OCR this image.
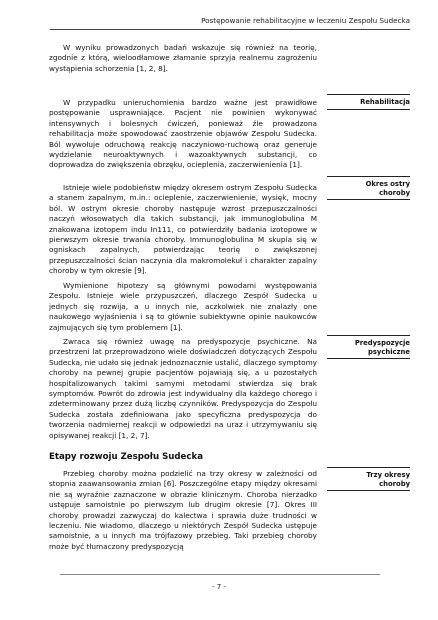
Postępowanie rehabilitacyjne w leczeniu Zespołu Sudecka

W wyniku prowadzonych badań wskazuje się również na teorię, zgodnie z którą, wieloodłamowe złamanie sprzyja realnemu zagrożeniu wystąpienia schorzenia [1, 2, 8].

W przypadku unieruchomienia bardzo ważne jest prawidłowe postępowanie usprawniające. Pacjent nie powinien wykonywać intensywnych i bolesnych ćwiczeń, ponieważ źle prowadzona rehabilitacja może spowodować zaostrzenie objawów Zespołu Sudecka. Ból wywołuje odruchową reakcję naczyniowo-ruchową oraz generuje wydzielanie neuroaktywnych i wazoaktywnych substancji, co doprowadza do zwiększenia obrzęku, ocieplenia, zaczerwienienia [1].

Istnieje wiele podobieństw między okresem ostrym Zespołu Sudecka a stanem zapalnym, m.in.: ocieplenie, zaczerwienienie, wysięk, mocny ból. W ostrym okresie choroby następuje wzrost przepuszczalności naczyń włosowatych dla takich substancji, jak immunoglobulina M znakowana izotopem indu In111, co potwierdziły badania izotopowe w pierwszym okresie trwania choroby. Immunoglobulina M skupia się w ogniskach zapalnych, potwierdzając teorię o zwiększonej przepuszczalności ścian naczynia dla makromolekuł i charakter zapalny choroby w tym okresie [9].

Wymienione hipotezy są głównymi powodami występowania Zespołu. Istnieje wiele przypuszczeń, dlaczego Zespół Sudecka u jednych się rozwija, a u innych nie, aczkolwiek nie znalazły one naukowego wyjaśnienia i są to głównie subiektywne opinie naukowców zajmujących się tym problemem [1].

Zwraca się również uwagę na predyspozycje psychiczne. Na przestrzeni lat przeprowadzono wiele doświadczeń dotyczących Zespołu Sudecka, nie udało się jednak jednoznacznie ustalić, dlaczego symptomy choroby na pewnej grupie pacjentów pojawiają się, a u pozostałych hospitalizowanych takimi samymi metodami stwierdza się brak symptomów. Powrót do zdrowia jest indywidualny dla każdego chorego i zdeterminowany przez dużą liczbę czynników. Predyspozycja do Zespołu Sudecka została zdefiniowana jako specyficzna predyspozycja do tworzenia nadmiernej reakcji w odpowiedzi na uraz i utrzymywaniu się opisywanej reakcji [1, 2, 7].

Etapy rozwoju Zespołu Sudecka

Przebieg choroby można podzielić na trzy okresy w zależności od stopnia zaawansowania zmian [6]. Poszczególne etapy między okresami nie są wyraźnie zaznaczone w obrazie klinicznym. Choroba nierzadko ustępuje samoistnie po pierwszym lub drugim okresie [7]. Okres III choroby prowadzi zazwyczaj do kalectwa i sprawia duże trudności w leczeniu. Nie wiadomo, dlaczego u niektórych Zespół Sudecka ustępuje samoistnie, a u innych ma trójfazowy przebieg. Taki przebieg choroby może być tłumaczony predyspozycją

Rehabilitacja
Okres ostry
choroby
Predyspozycje
psychiczne
Trzy okresy
choroby
- 7 -
